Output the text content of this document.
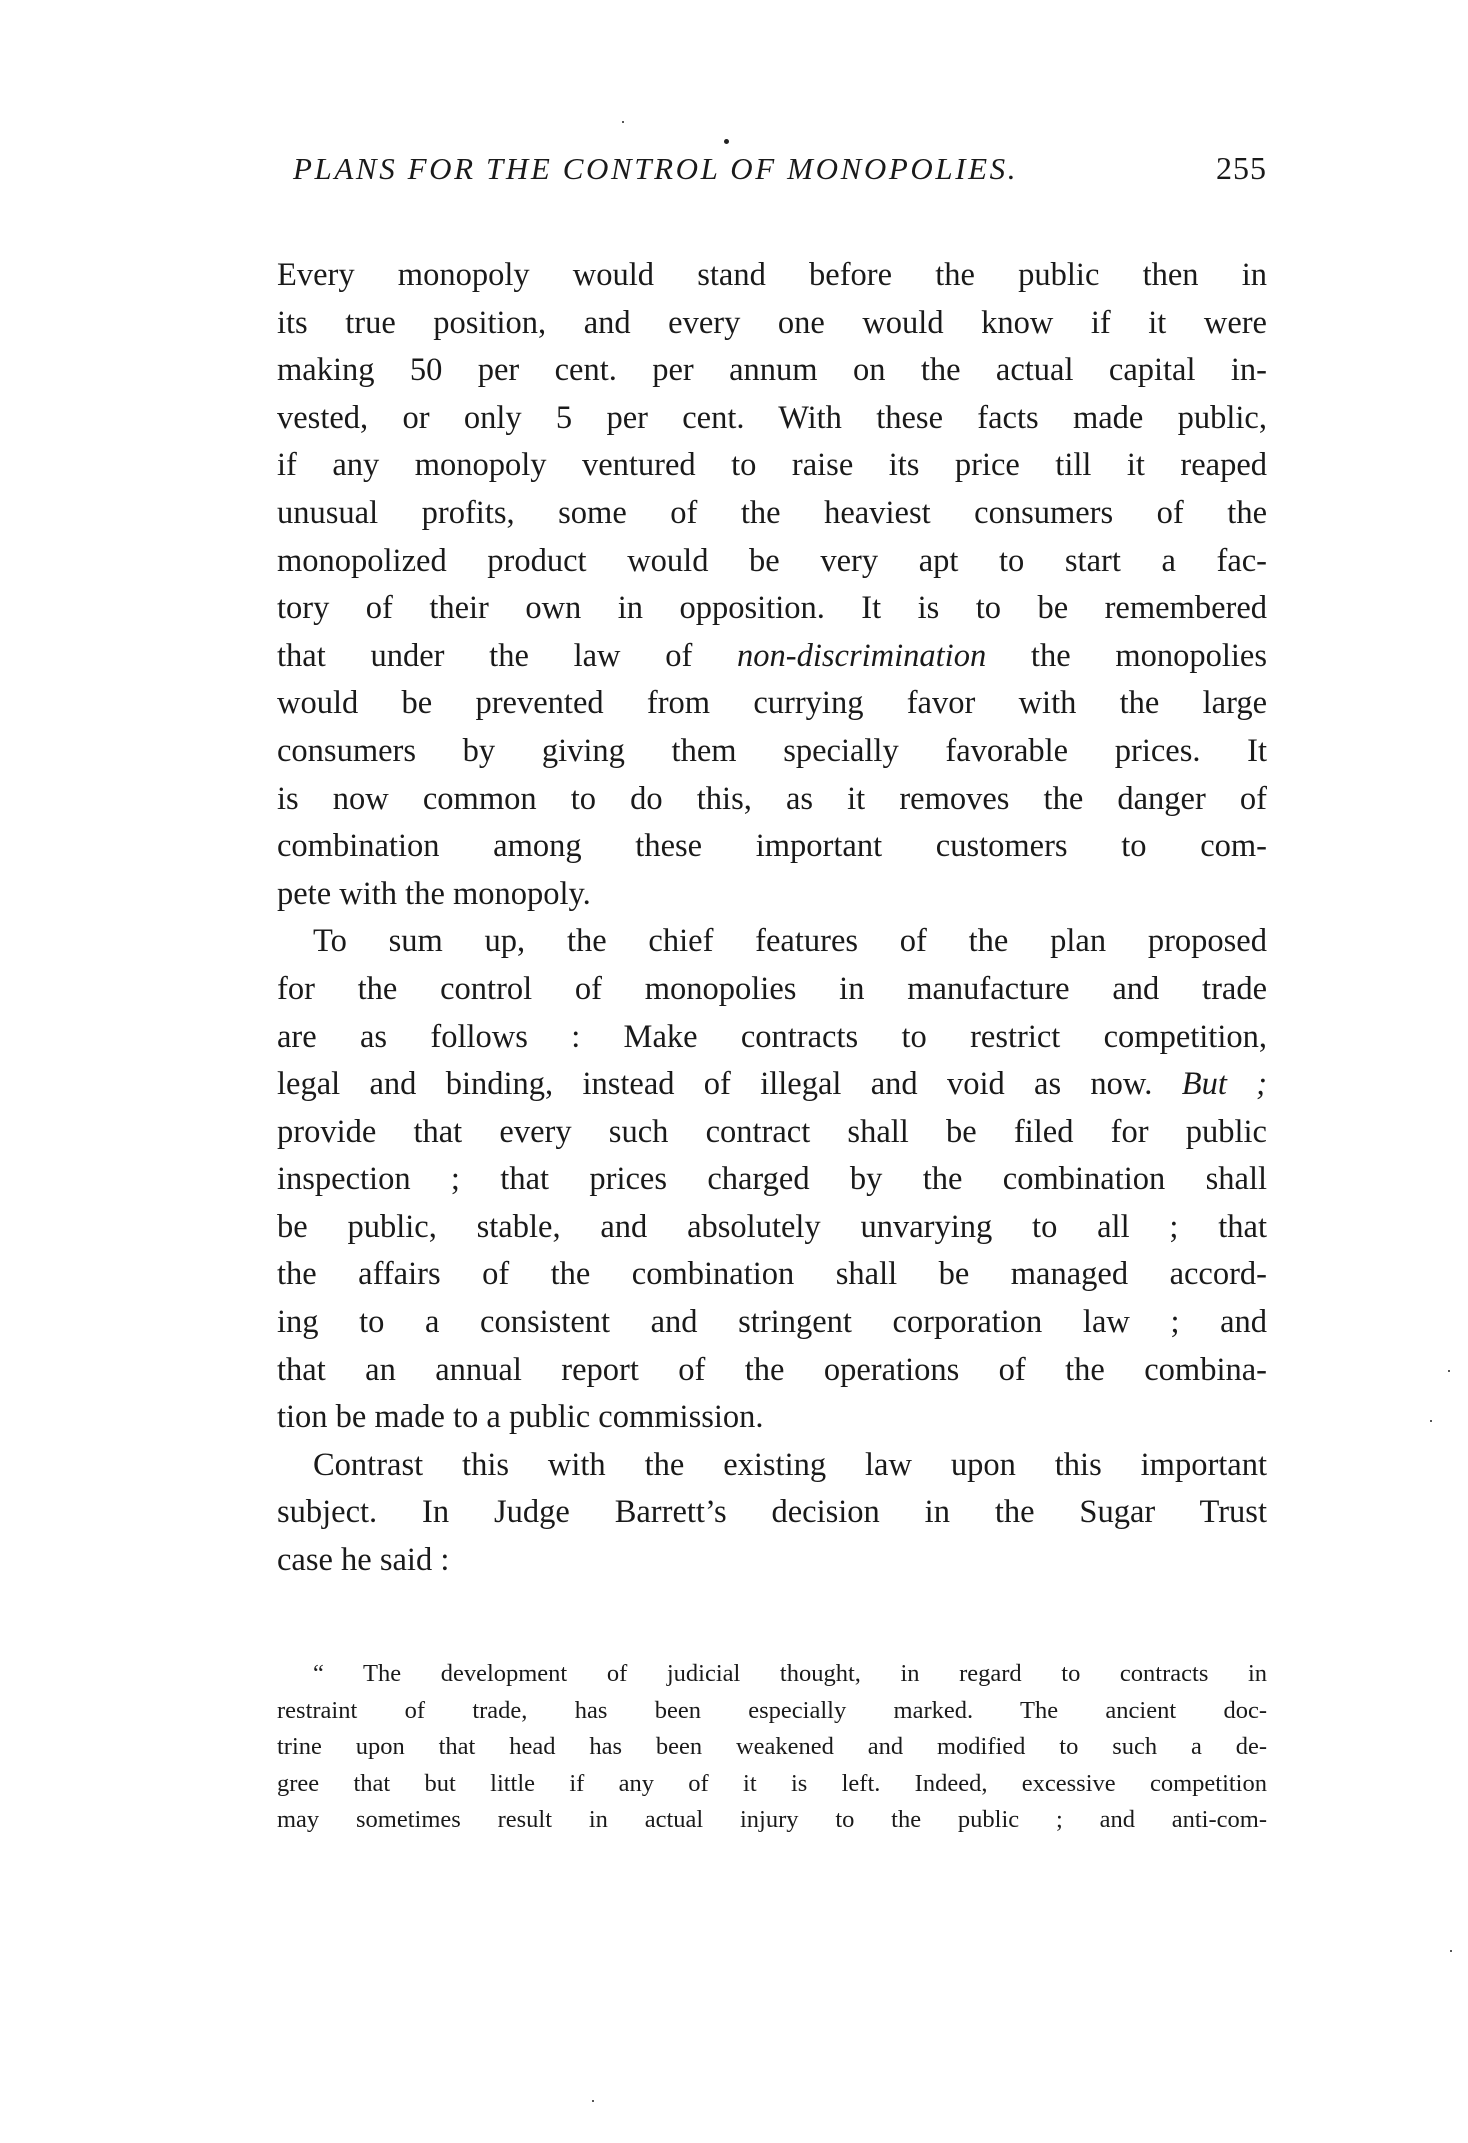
PLANS FOR THE CONTROL OF MONOPOLIES.	255

Every monopoly would stand before the public then in
its true position, and every one would know if it were
making 50 per cent. per annum on the actual capital in-
vested, or only 5 per cent. With these facts made public,
if any monopoly ventured to raise its price till it reaped
unusual profits, some of the heaviest consumers of the
monopolized product would be very apt to start a fac-
tory of their own in opposition. It is to be remembered
that under the law of non-discrimination the monopolies
would be prevented from currying favor with the large
consumers by giving them specially favorable prices. It
is now common to do this, as it removes the danger of
combination among these important customers to com-
pete with the monopoly.

To sum up, the chief features of the plan proposed
for the control of monopolies in manufacture and trade
are as follows : Make contracts to restrict competition,
legal and binding, instead of illegal and void as now. But ;
provide that every such contract shall be filed for public
inspection ; that prices charged by the combination shall
be public, stable, and absolutely unvarying to all ; that
the affairs of the combination shall be managed accord-
ing to a consistent and stringent corporation law ; and
that an annual report of the operations of the combina-
tion be made to a public commission.

Contrast this with the existing law upon this important
subject. In Judge Barrett’s decision in the Sugar Trust
case he said :

“ The development of judicial thought, in regard to contracts in
restraint of trade, has been especially marked. The ancient doc-
trine upon that head has been weakened and modified to such a de-
gree that but little if any of it is left. Indeed, excessive competition
may sometimes result in actual injury to the public ; and anti-com-
